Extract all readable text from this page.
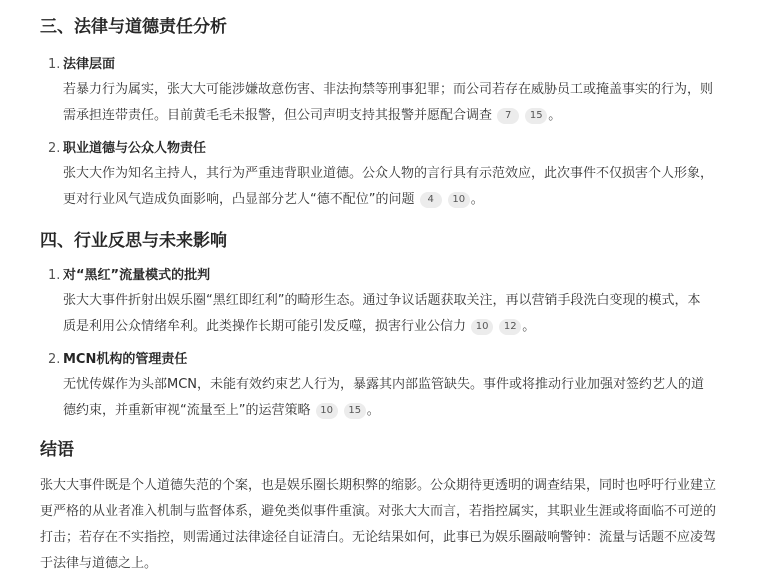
三、法律与道德责任分析
1. 法律层面
若暴力行为属实，张大大可能涉嫌故意伤害、非法拘禁等刑事犯罪；而公司若存在威胁员工或掩盖事实的行为，则需承担连带责任。目前黄毛毛未报警，但公司声明支持其报警并愿配合调查 7 15 。
2. 职业道德与公众人物责任
张大大作为知名主持人，其行为严重违背职业道德。公众人物的言行具有示范效应，此次事件不仅损害个人形象，更对行业风气造成负面影响，凸显部分艺人“德不配位”的问题 4 10 。
四、行业反思与未来影响
1. 对“黑红”流量模式的批判
张大大事件折射出娱乐圈“黑红即红利”的畸形生态。通过争议话题获取关注，再以营销手段洗白变现的模式，本质是利用公众情绪牟利。此类操作长期可能引发反噬，损害行业公信力 10 12 。
2. MCN机构的管理责任
无忧传媒作为头部MCN，未能有效约束艺人行为，暴露其内部监管缺失。事件或将推动行业加强对签约艺人的道德约束，并重新审视“流量至上”的运营策略 10 15 。
结语

张大大事件既是个人道德失范的个案，也是娱乐圈长期积弊的缩影。公众期待更透明的调查结果，同时也呼吁行业建立更严格的从业者准入机制与监督体系，避免类似事件重演。对张大大而言，若指控属实，其职业生涯或将面临不可逆的打击；若存在不实指控，则需通过法律途径自证清白。无论结果如何，此事已为娱乐圈敲响警钟：流量与话题不应凌驾于法律与道德之上。
